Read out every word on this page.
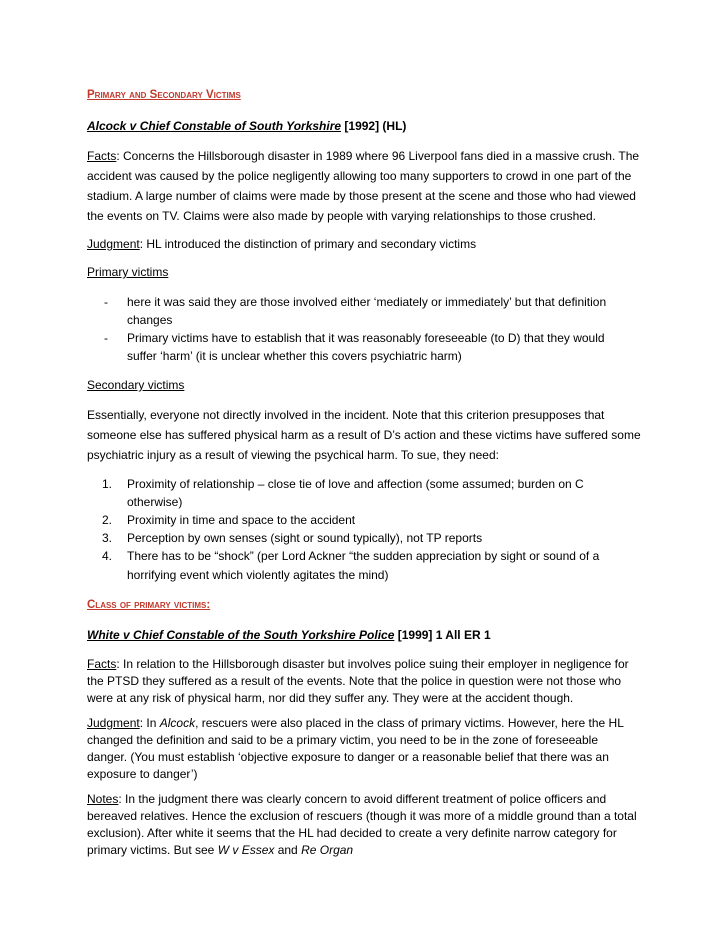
Primary and Secondary Victims

Alcock v Chief Constable of South Yorkshire [1992] (HL)

Facts: Concerns the Hillsborough disaster in 1989 where 96 Liverpool fans died in a massive crush. The

accident was caused by the police negligently allowing too many supporters to crowd in one part of the

stadium. A large number of claims were made by those present at the scene and those who had viewed

the events on TV. Claims were also made by people with varying relationships to those crushed.

Judgment: HL introduced the distinction of primary and secondary victims

Primary victims

- here it was said they are those involved either ‘mediately or immediately’ but that definition

changes

- Primary victims have to establish that it was reasonably foreseeable (to D) that they would

suffer ‘harm’ (it is unclear whether this covers psychiatric harm)

Secondary victims

Essentially, everyone not directly involved in the incident. Note that this criterion presupposes that

someone else has suffered physical harm as a result of D’s action and these victims have suffered some

psychiatric injury as a result of viewing the psychical harm. To sue, they need:

1. Proximity of relationship – close tie of love and affection (some assumed; burden on C

otherwise)

2. Proximity in time and space to the accident

3. Perception by own senses (sight or sound typically), not TP reports

4. There has to be “shock” (per Lord Ackner “the sudden appreciation by sight or sound of a

horrifying event which violently agitates the mind)

Class of primary victims:

White v Chief Constable of the South Yorkshire Police [1999] 1 All ER 1

Facts: In relation to the Hillsborough disaster but involves police suing their employer in negligence for

the PTSD they suffered as a result of the events. Note that the police in question were not those who

were at any risk of physical harm, nor did they suffer any. They were at the accident though.

Judgment: In Alcock, rescuers were also placed in the class of primary victims. However, here the HL

changed the definition and said to be a primary victim, you need to be in the zone of foreseeable

danger. (You must establish ‘objective exposure to danger or a reasonable belief that there was an

exposure to danger’)

Notes: In the judgment there was clearly concern to avoid different treatment of police officers and

bereaved relatives. Hence the exclusion of rescuers (though it was more of a middle ground than a total

exclusion). After white it seems that the HL had decided to create a very definite narrow category for

primary victims. But see W v Essex and Re Organ
